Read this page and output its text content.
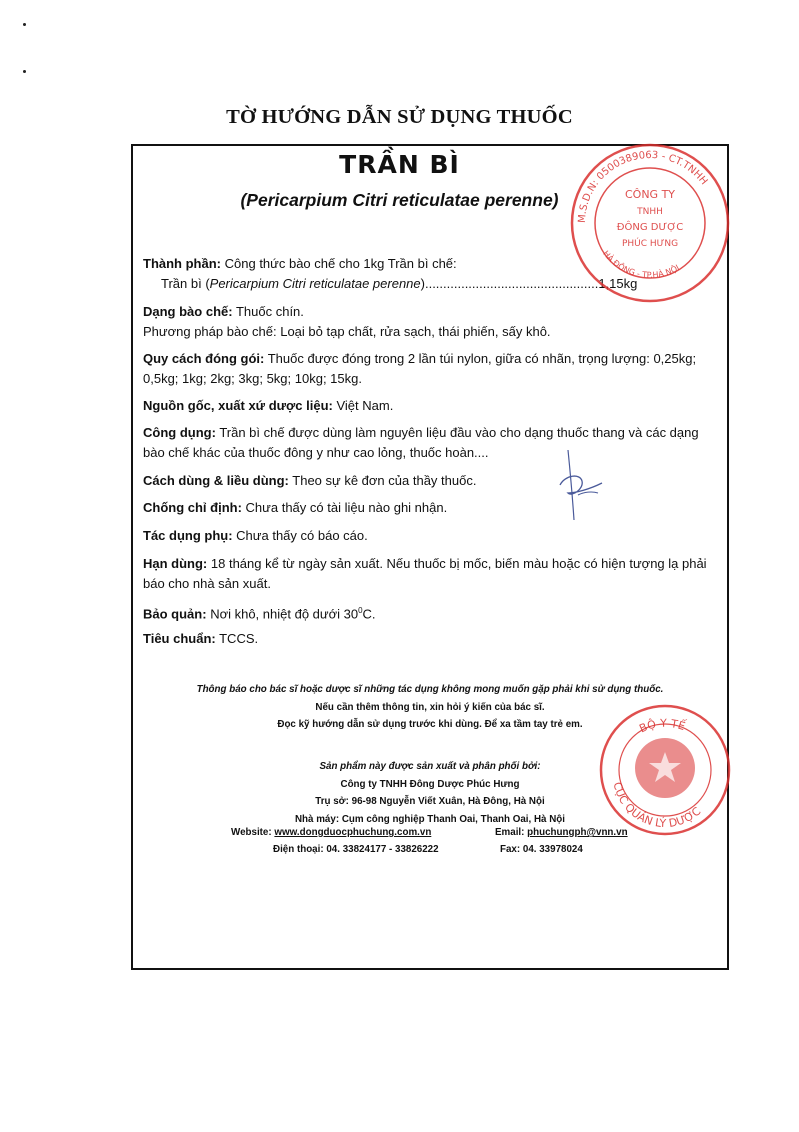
TỜ HƯỚNG DẪN SỬ DỤNG THUỐC
TRẦN BÌ
(Pericarpium Citri reticulatae perenne)

Thành phần: Công thức bào chế cho 1kg Trần bì chế:

Trần bì (Pericarpium Citri reticulatae perenne)................................................1,15kg

Dạng bào chế: Thuốc chín.

Phương pháp bào chế: Loại bỏ tạp chất, rửa sạch, thái phiến, sấy khô.

Quy cách đóng gói: Thuốc được đóng trong 2 lần túi nylon, giữa có nhãn, trọng lượng: 0,25kg; 0,5kg; 1kg; 2kg; 3kg; 5kg; 10kg; 15kg.

Nguồn gốc, xuất xứ dược liệu: Việt Nam.

Công dụng: Trần bì chế được dùng làm nguyên liệu đầu vào cho dạng thuốc thang và các dạng bào chế khác của thuốc đông y như cao lỏng, thuốc hoàn....

Cách dùng & liều dùng: Theo sự kê đơn của thầy thuốc.

Chống chỉ định: Chưa thấy có tài liệu nào ghi nhận.

Tác dụng phụ: Chưa thấy có báo cáo.

Hạn dùng: 18 tháng kể từ ngày sản xuất. Nếu thuốc bị mốc, biến màu hoặc có hiện tượng lạ phải báo cho nhà sản xuất.

Bảo quản: Nơi khô, nhiệt độ dưới $30^0C$.

Tiêu chuẩn: TCCS.

Thông báo cho bác sĩ hoặc dược sĩ những tác dụng không mong muốn gặp phải khi sử dụng thuốc.
Nếu cần thêm thông tin, xin hỏi ý kiến của bác sĩ.
Đọc kỹ hướng dẫn sử dụng trước khi dùng. Để xa tầm tay trẻ em.
Sản phẩm này được sản xuất và phân phối bởi:
Công ty TNHH Đông Dược Phúc Hưng
Trụ sở: 96-98 Nguyễn Viết Xuân, Hà Đông, Hà Nội
Nhà máy: Cụm công nghiệp Thanh Oai, Thanh Oai, Hà Nội
Website: www.dongduocphuchung.com.vn	Email: phuchungph@vnn.vn
Điện thoại: 04. 33824177 - 33826222	Fax: 04. 33978024
M.S.D.N: 0500389063 - CT.TNHH
HÀ ĐÔNG - TP.HÀ NỘI
CÔNG TY
TNHH
ĐÔNG DƯỢC
PHÚC HƯNG
BỘ Y TẾ
CỤC QUẢN LÝ DƯỢC
